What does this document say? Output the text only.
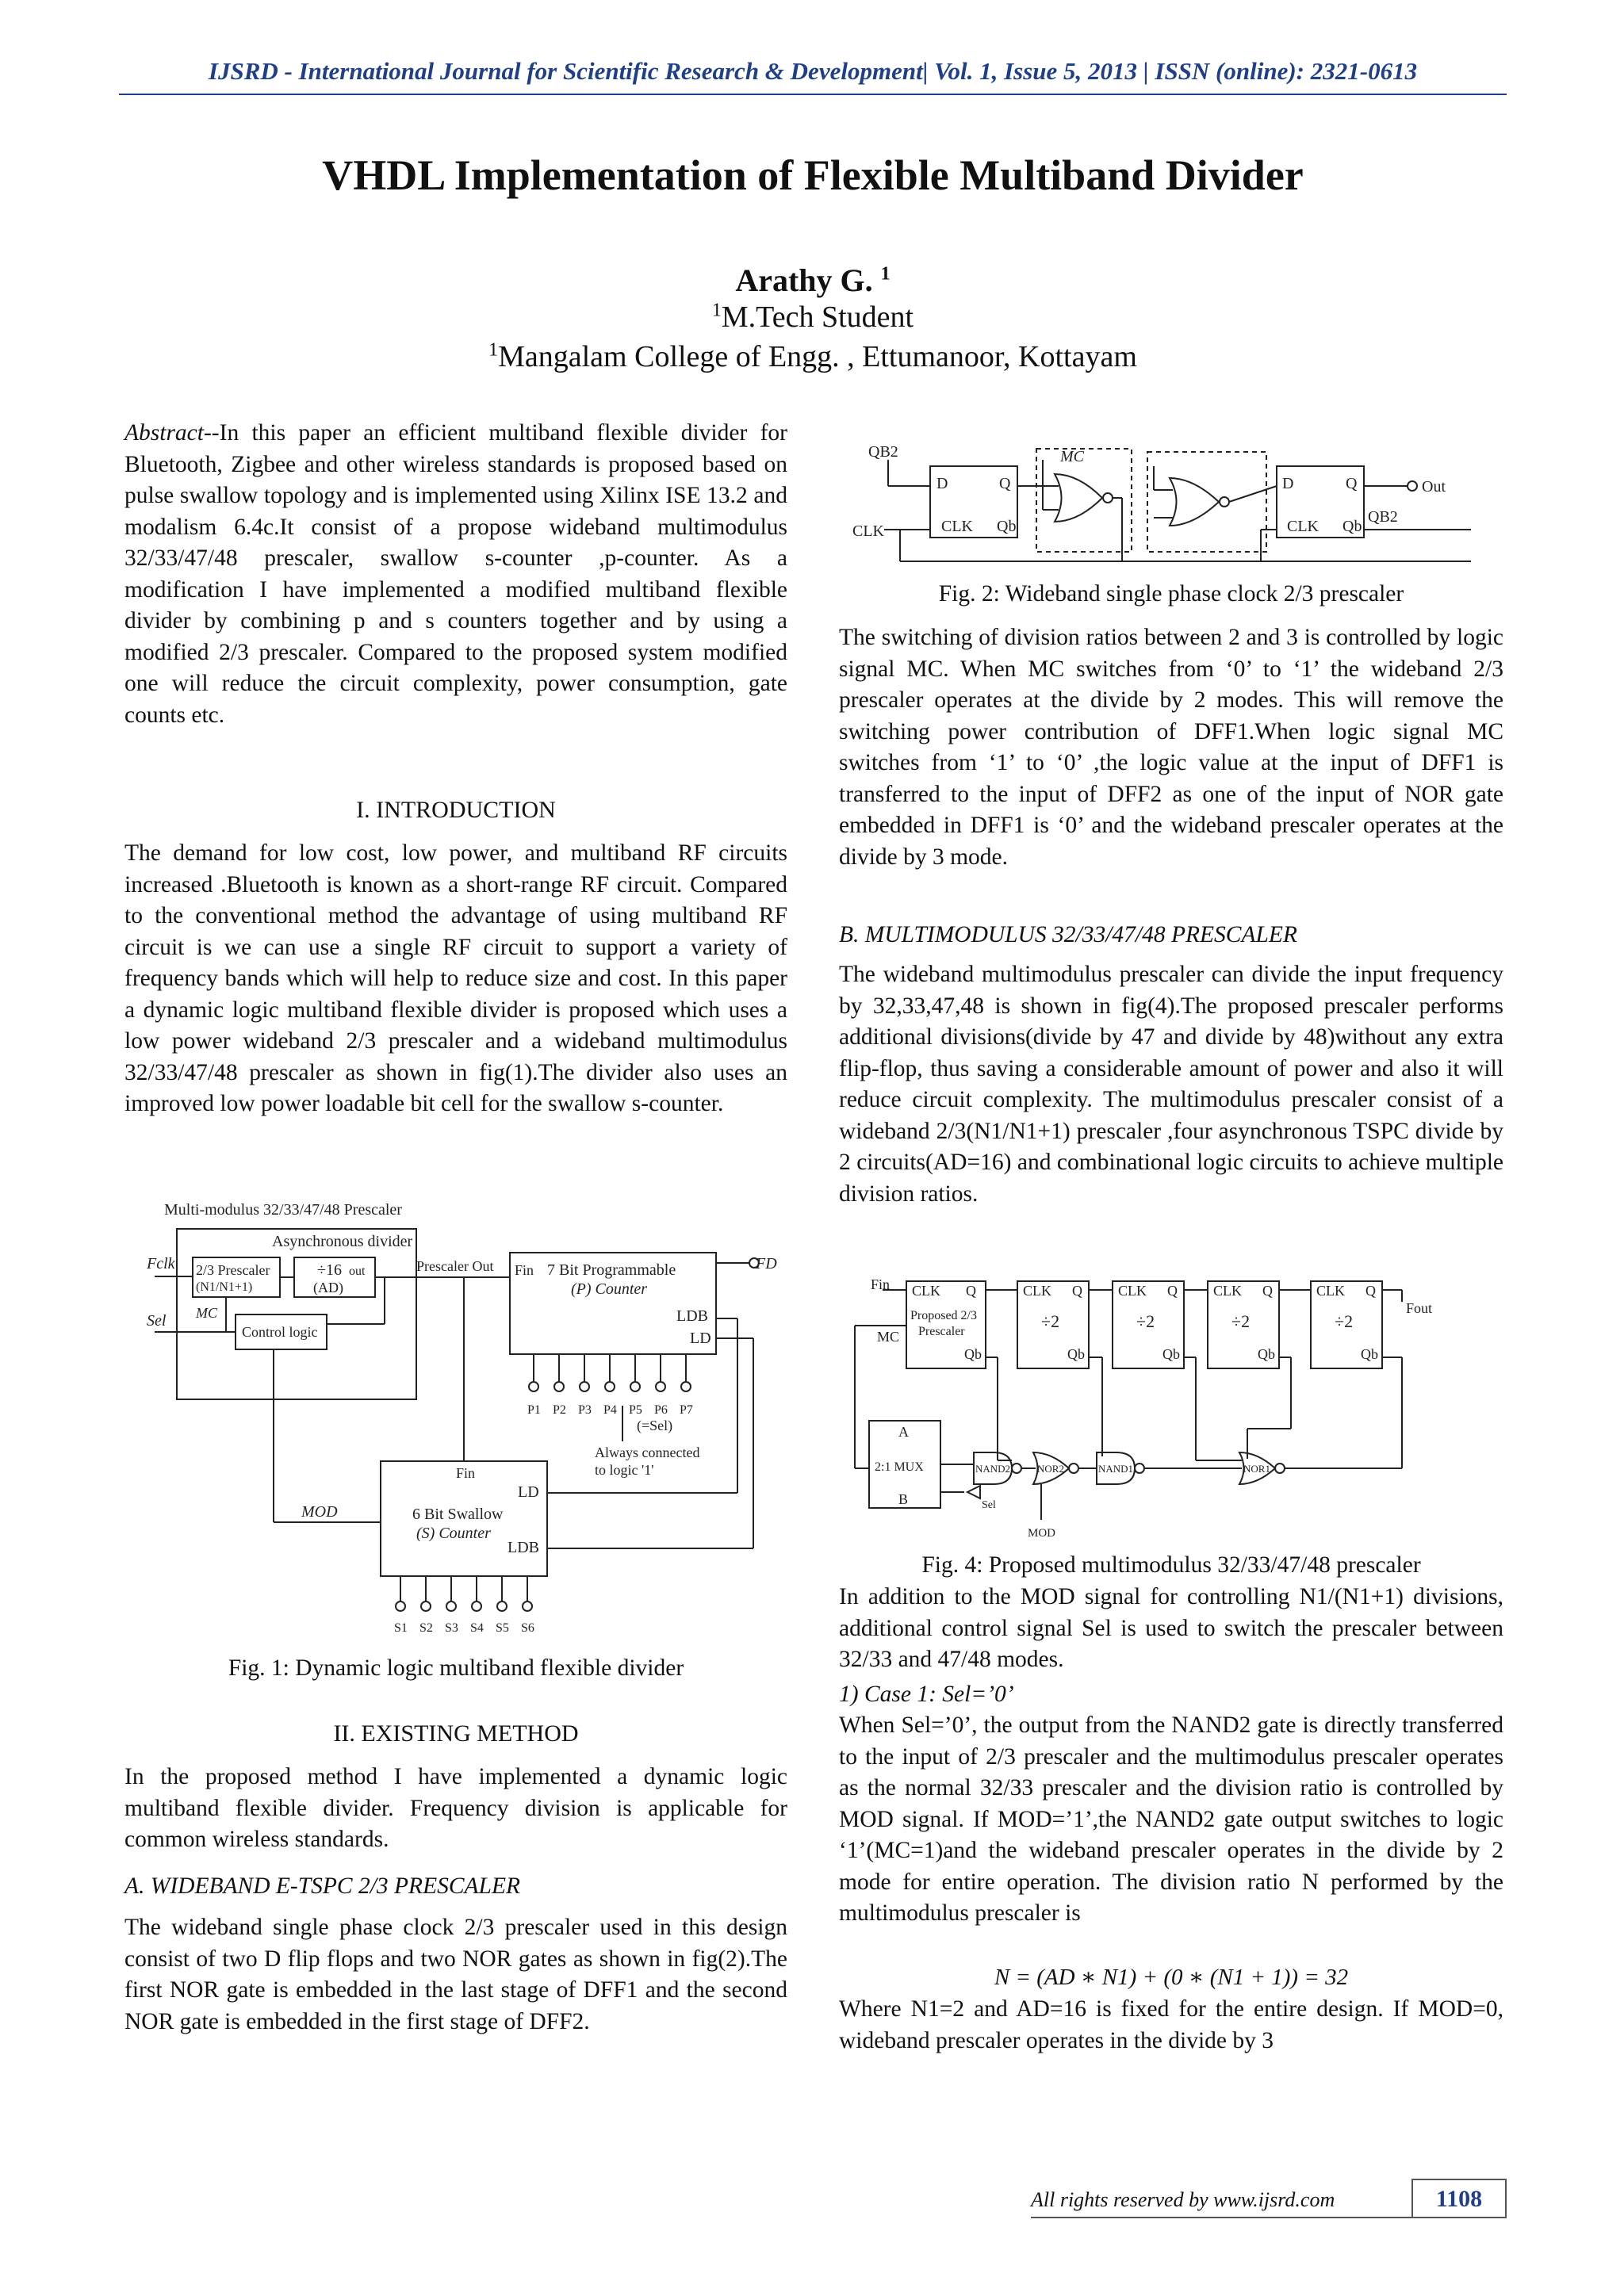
IJSRD - International Journal for Scientific Research & Development| Vol. 1, Issue 5, 2013 | ISSN (online): 2321-0613
VHDL Implementation of Flexible Multiband Divider
Arathy G. $^1$
$^1$M.Tech Student
$^1$Mangalam College of Engg. , Ettumanoor, Kottayam

Abstract--In this paper an efficient multiband flexible divider for Bluetooth, Zigbee and other wireless standards is proposed based on pulse swallow topology and is implemented using Xilinx ISE 13.2 and modalism 6.4c.It consist of a propose wideband multimodulus 32/33/47/48 prescaler, swallow s-counter ,p-counter. As a modification I have implemented a modified multiband flexible divider by combining p and s counters together and by using a modified 2/3 prescaler. Compared to the proposed system modified one will reduce the circuit complexity, power consumption, gate counts etc.

I. INTRODUCTION
The demand for low cost, low power, and multiband RF circuits increased .Bluetooth is known as a short-range RF circuit. Compared to the conventional method the advantage of using multiband RF circuit is we can use a single RF circuit to support a variety of frequency bands which will help to reduce size and cost. In this paper a dynamic logic multiband flexible divider is proposed which uses a low power wideband 2/3 prescaler and a wideband multimodulus 32/33/47/48 prescaler as shown in fig(1).The divider also uses an improved low power loadable bit cell for the swallow s-counter.
Multi-modulus 32/33/47/48 Prescaler
Asynchronous divider
2/3 Prescaler
(N1/N1+1)
÷16
(AD)
out
Control logic
Fclk
Sel MC
Prescaler Out Fin 7 Bit Programmable
(P) Counter
LDB
LD
FD
P1 P2 P3 P4 P5 P6 P7
(=Sel)
Always connected
to logic '1'
MOD
Fin
LD
LDB
6 Bit Swallow
(S) Counter
S1 S2 S3 S4 S5 S6
Fig. 1: Dynamic logic multiband flexible divider
II. EXISTING METHOD
In the proposed method I have implemented a dynamic logic multiband flexible divider. Frequency division is applicable for common wireless standards.
A. WIDEBAND E-TSPC 2/3 PRESCALER
The wideband single phase clock 2/3 prescaler used in this design consist of two D flip flops and two NOR gates as shown in fig(2).The first NOR gate is embedded in the last stage of DFF1 and the second NOR gate is embedded in the first stage of DFF2.
QB2
D	Q
CLK Qb
MC
D	Q
CLK Qb
Out
QB2
CLK
Fig. 2: Wideband single phase clock 2/3 prescaler
The switching of division ratios between 2 and 3 is controlled by logic signal MC. When MC switches from ‘0’ to ‘1’ the wideband 2/3 prescaler operates at the divide by 2 modes. This will remove the switching power contribution of DFF1.When logic signal MC switches from ‘1’ to ‘0’ ,the logic value at the input of DFF1 is transferred to the input of DFF2 as one of the input of NOR gate embedded in DFF1 is ‘0’ and the wideband prescaler operates at the divide by 3 mode.
B. MULTIMODULUS 32/33/47/48 PRESCALER
The wideband multimodulus prescaler can divide the input frequency by 32,33,47,48 is shown in fig(4).The proposed prescaler performs additional divisions(divide by 47 and divide by 48)without any extra flip-flop, thus saving a considerable amount of power and also it will reduce circuit complexity. The multimodulus prescaler consist of a wideband 2/3(N1/N1+1) prescaler ,four asynchronous TSPC divide by 2 circuits(AD=16) and combinational logic circuits to achieve multiple division ratios.
Fin CLK Q
Proposed 2/3
Prescaler
Qb
CLK Q
÷2
Qb
CLK Q
÷2
Qb
CLK Q
÷2
Qb
CLK Q
÷2
Qb
Fout
MC
A
2:1 MUX
B	Sel
NAND2	NOR2	NAND1	NOR1
MOD
Fig. 4: Proposed multimodulus 32/33/47/48 prescaler
In addition to the MOD signal for controlling N1/(N1+1) divisions, additional control signal Sel is used to switch the prescaler between 32/33 and 47/48 modes.
1) Case 1: Sel=’0’
When Sel=’0’, the output from the NAND2 gate is directly transferred to the input of 2/3 prescaler and the multimodulus prescaler operates as the normal 32/33 prescaler and the division ratio is controlled by MOD signal. If MOD=’1’,the NAND2 gate output switches to logic ‘1’(MC=1)and the wideband prescaler operates in the divide by 2 mode for entire operation. The division ratio N performed by the multimodulus prescaler is
N = (AD ∗ N1) + (0 ∗ (N1 + 1)) = 32
Where N1=2 and AD=16 is fixed for the entire design. If MOD=0, wideband prescaler operates in the divide by 3
All rights reserved by www.ijsrd.com	1108
